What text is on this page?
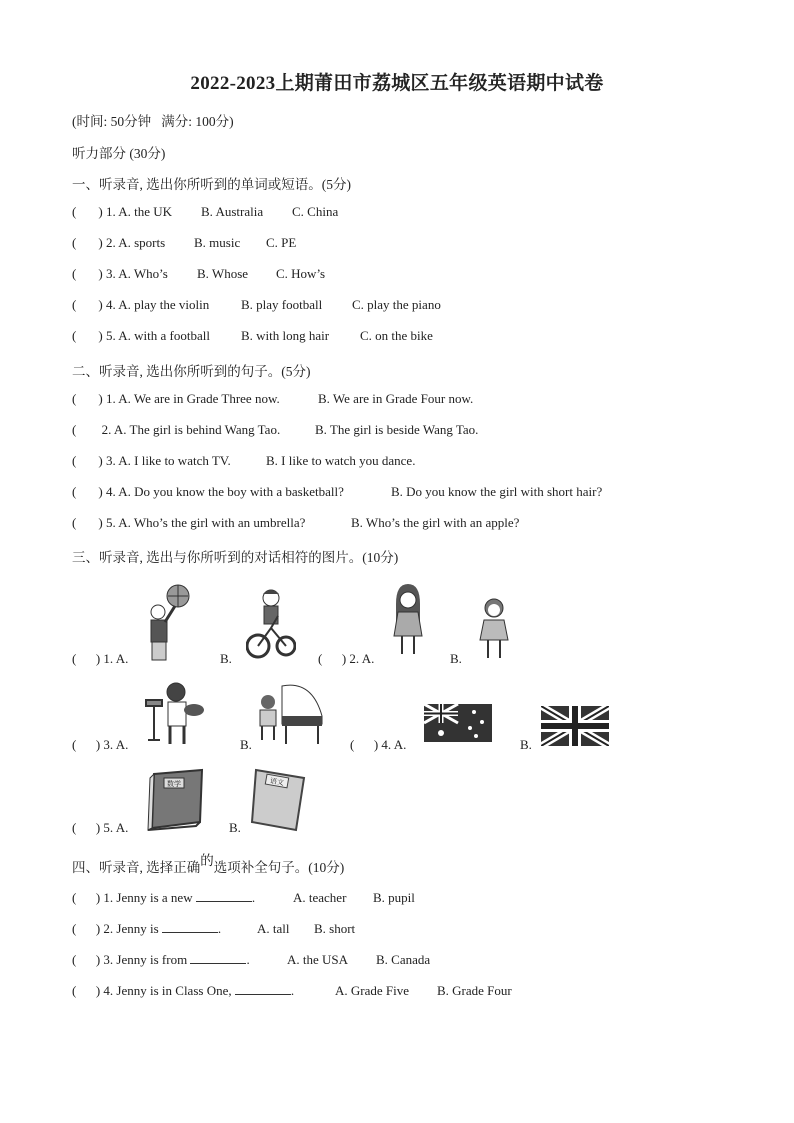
2022-2023上期莆田市荔城区五年级英语期中试卷
(时间: 50分钟   满分: 100分)
听力部分 (30分)
一、听录音, 选出你所听到的单词或短语。(5分)
( ) 1. A. the UK B. Australia C. China
( ) 2. A. sports B. music C. PE
( ) 3. A. Who’s B. Whose C. How’s
( ) 4. A. play the violin B. play football C. play the piano
( ) 5. A. with a football B. with long hair C. on the bike
二、听录音, 选出你所听到的句子。(5分)
( ) 1. A. We are in Grade Three now.	B. We are in Grade Four now.
( 2. A. The girl is behind Wang Tao.	B. The girl is beside Wang Tao.
( ) 3. A. I like to watch TV.	B. I like to watch you dance.
( ) 4. A. Do you know the boy with a basketball?	B. Do you know the girl with short hair?
( ) 5. A. Who’s the girl with an umbrella?	B. Who’s the girl with an apple?
三、听录音, 选出与你所听到的对话相符的图片。(10分)
(      ) 1. A.	B.	(      ) 2. A.	B.
(      ) 3. A.	B.	(      ) 4. A.	B.
(      ) 5. A.	B.
数学	语文
四、听录音, 选择正确的选项补全句子。(10分)
(      ) 1. Jenny is a new	.	A. teacher B. pupil
(      ) 2. Jenny is	.	A. tall B. short
(      ) 3. Jenny is from	.	A. the USA B. Canada
(      ) 4. Jenny is in Class One,	.	A. Grade Five B. Grade Four
